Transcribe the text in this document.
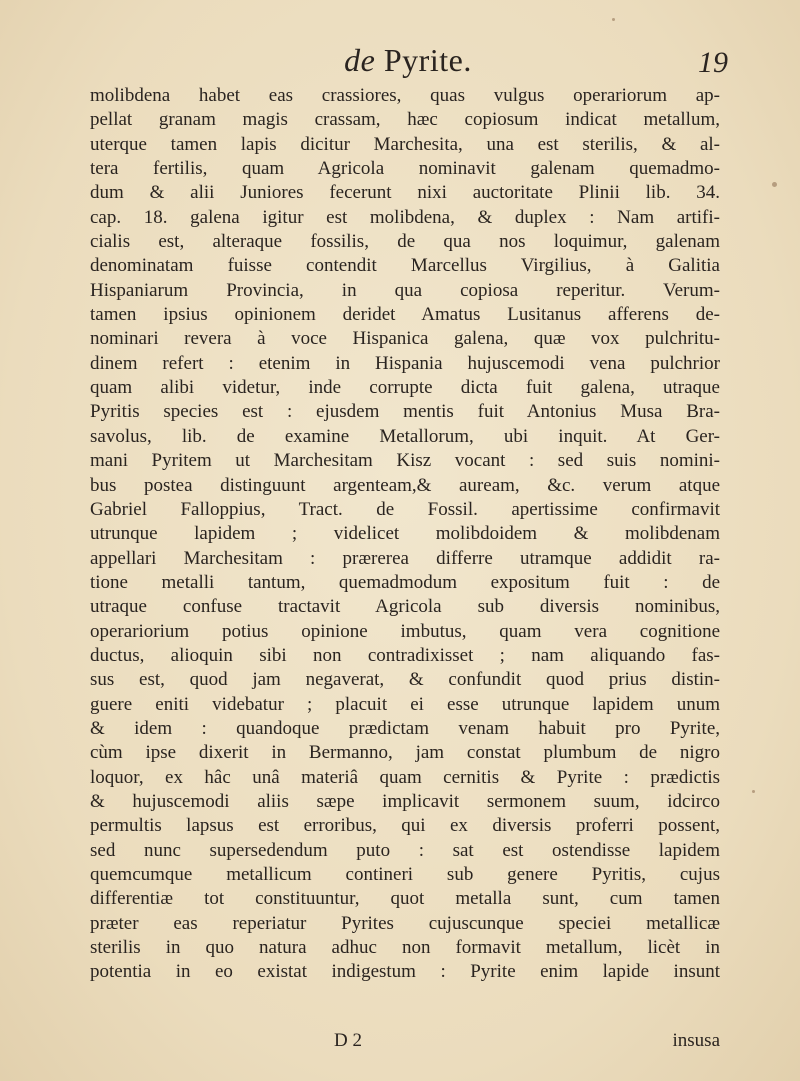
de Pyrite.	19
molibdena habet eas crassiores, quas vulgus operariorum ap-
pellat granam magis crassam, hæc copiosum indicat metallum,
uterque tamen lapis dicitur Marchesita, una est sterilis, & al-
tera fertilis, quam Agricola nominavit galenam quemadmo-
dum & alii Juniores fecerunt nixi auctoritate Plinii lib. 34.
cap. 18. galena igitur est molibdena, & duplex : Nam artifi-
cialis est, alteraque fossilis, de qua nos loquimur, galenam
denominatam fuisse contendit Marcellus Virgilius, à Galitia
Hispaniarum Provincia, in qua copiosa reperitur. Verum-
tamen ipsius opinionem deridet Amatus Lusitanus afferens de-
nominari revera à voce Hispanica galena, quæ vox pulchritu-
dinem refert : etenim in Hispania hujuscemodi vena pulchrior
quam alibi videtur, inde corrupte dicta fuit galena, utraque
Pyritis species est : ejusdem mentis fuit Antonius Musa Bra-
savolus, lib. de examine Metallorum, ubi inquit. At Ger-
mani Pyritem ut Marchesitam Kisz vocant : sed suis nomini-
bus postea distinguunt argenteam,& auream, &c. verum atque
Gabriel Falloppius, Tract. de Fossil. apertissime confirmavit
utrunque lapidem ; videlicet molibdoidem & molibdenam
appellari Marchesitam : prærerea differre utramque addidit ra-
tione metalli tantum, quemadmodum expositum fuit : de
utraque confuse tractavit Agricola sub diversis nominibus,
operariorium potius opinione imbutus, quam vera cognitione
ductus, alioquin sibi non contradixisset ; nam aliquando fas-
sus est, quod jam negaverat, & confundit quod prius distin-
guere eniti videbatur ; placuit ei esse utrunque lapidem unum
& idem : quandoque prædictam venam habuit pro Pyrite,
cùm ipse dixerit in Bermanno, jam constat plumbum de nigro
loquor, ex hâc unâ materiâ quam cernitis & Pyrite : prædictis
& hujuscemodi aliis sæpe implicavit sermonem suum, idcirco
permultis lapsus est erroribus, qui ex diversis proferri possent,
sed nunc supersedendum puto : sat est ostendisse lapidem
quemcumque metallicum contineri sub genere Pyritis, cujus
differentiæ tot constituuntur, quot metalla sunt, cum tamen
præter eas reperiatur Pyrites cujuscunque speciei metallicæ
sterilis in quo natura adhuc non formavit metallum, licèt in
potentia in eo existat indigestum : Pyrite enim lapide insunt
D 2	insusa
